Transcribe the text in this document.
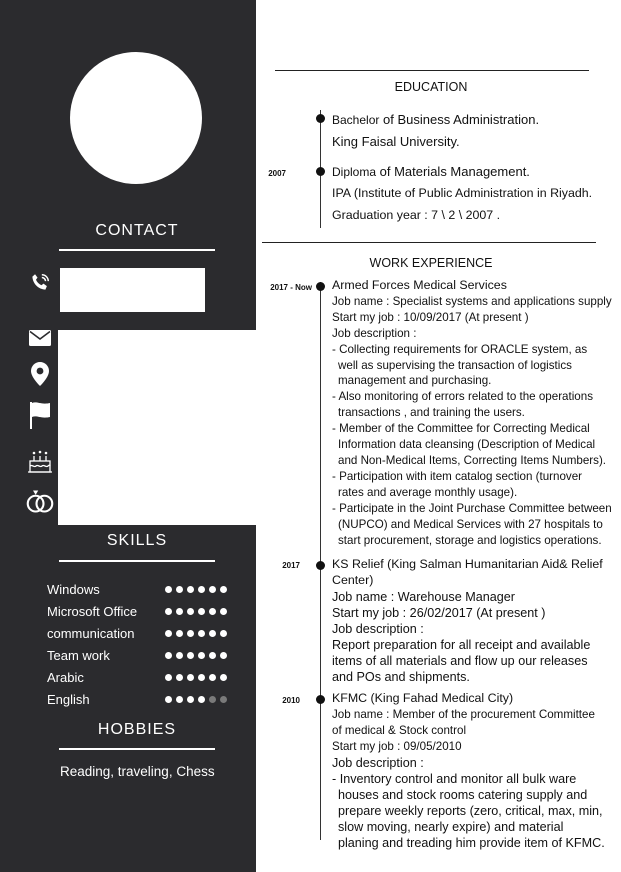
CONTACT
SKILLS
Windows
Microsoft Office
communication
Team work
Arabic
English
HOBBIES
Reading, traveling, Chess
EDUCATION
Bachelor of Business Administration.
King Faisal University.
2007	Diploma of Materials Management.
IPA (Institute of Public Administration in Riyadh.
Graduation year : 7 \ 2 \ 2007 .
WORK EXPERIENCE
2017 - Now Armed Forces Medical Services
Job name : Specialist systems and applications supply
Start my job : 10/09/2017 (At present )
Job description :
- Collecting requirements for ORACLE system, as
well as supervising the transaction of logistics
management and purchasing.
- Also monitoring of errors related to the operations
transactions , and training the users.
- Member of the Committee for Correcting Medical
Information data cleansing (Description of Medical
and Non-Medical Items, Correcting Items Numbers).
- Participation with item catalog section (turnover
rates and average monthly usage).
- Participate in the Joint Purchase Committee between
(NUPCO) and Medical Services with 27 hospitals to
start procurement, storage and logistics operations.
2017	KS Relief (King Salman Humanitarian Aid& Relief
Center)
Job name : Warehouse Manager
Start my job : 26/02/2017 (At present )
Job description :
Report preparation for all receipt and available
items of all materials and flow up our releases
and POs and shipments.
2010	KFMC (King Fahad Medical City)
Job name : Member of the procurement Committee
of medical & Stock control
Start my job : 09/05/2010
Job description :
- Inventory control and monitor all bulk ware
houses and stock rooms catering supply and
prepare weekly reports (zero, critical, max, min,
slow moving, nearly expire) and material
planing and treading him provide item of KFMC.
